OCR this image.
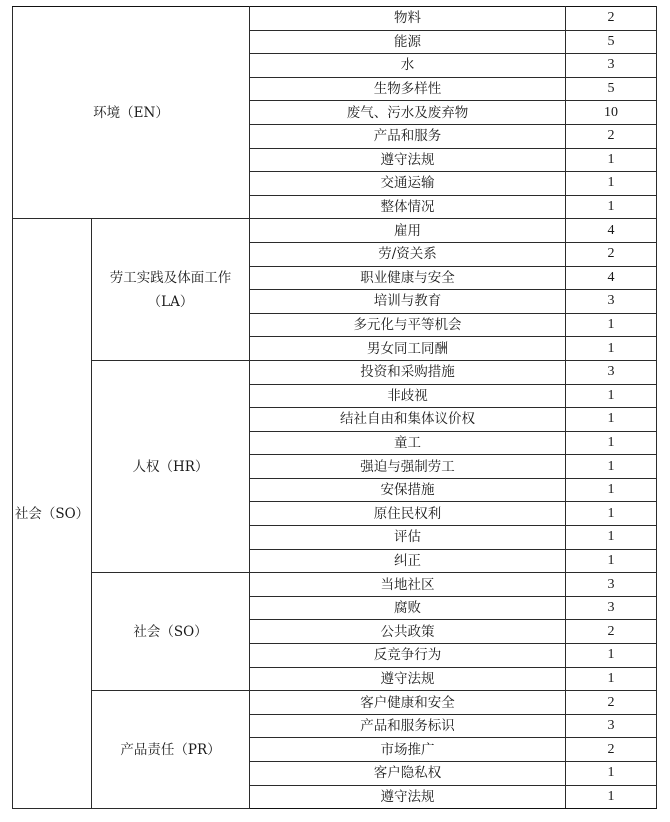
环境（EN）		物料	2
		能源	5
		水	3
		生物多样性	5
		废气、污水及废弃物	10
		产品和服务	2
		遵守法规	1
		交通运输	1
		整体情况	1
社会（SO）	劳工实践及体面工作（LA）	雇用	4
		劳/资关系	2
		职业健康与安全	4
		培训与教育	3
		多元化与平等机会	1
		男女同工同酬	1
	人权（HR）	投资和采购措施	3
		非歧视	1
		结社自由和集体议价权	1
		童工	1
		强迫与强制劳工	1
		安保措施	1
		原住民权利	1
		评估	1
		纠正	1
	社会（SO）	当地社区	3
		腐败	3
		公共政策	2
		反竞争行为	1
		遵守法规	1
	产品责任（PR）	客户健康和安全	2
		产品和服务标识	3
		市场推广	2
		客户隐私权	1
		遵守法规	1
